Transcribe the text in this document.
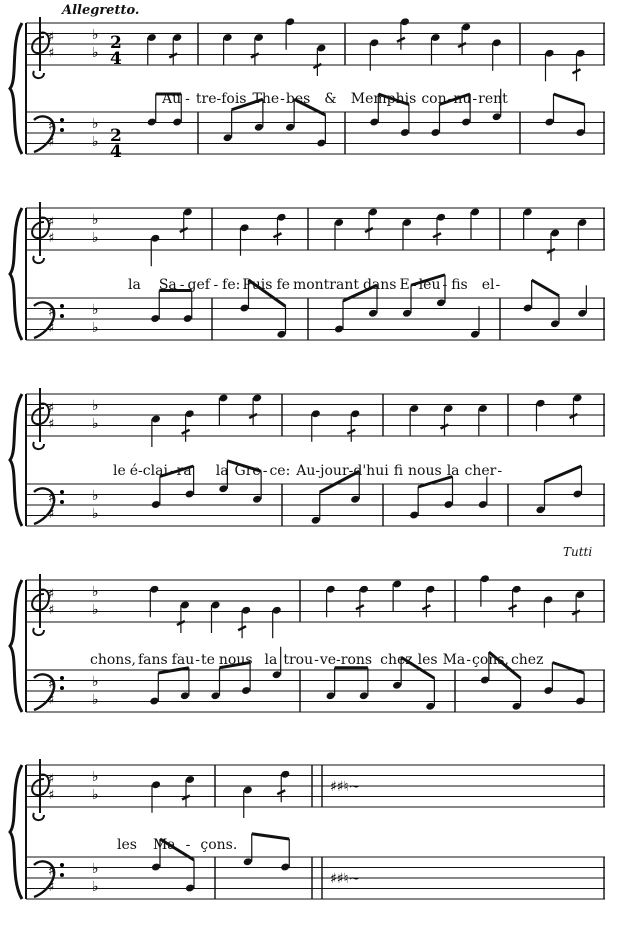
Allegretto.
Tutti
♯
♯
♭
♭
♯
♯
♭
♭
♯
♯
♭
♭
♯
♯
♭
♭
♯
♯
♭
♭
♯
♯
♭
♭
♯
♯
♭
♭
♯
♯
♭
♭
♯
♯
♭
♭
♯
♯
♭
♭
♯♯♮~
♯♯♮~
Au - tre-fois The-bes & Memphis con-nu-rent
la Sa - gef - fe: Puis fe montrant dans E - leu - fis el-
le é-clai - ra la Gre - ce: Au-jour-d'hui fi nous la cher-
chons, fans fau-te nous la trou-ve-rons chez les Ma-çons, chez
les Ma - çons.
2
4
2
4
